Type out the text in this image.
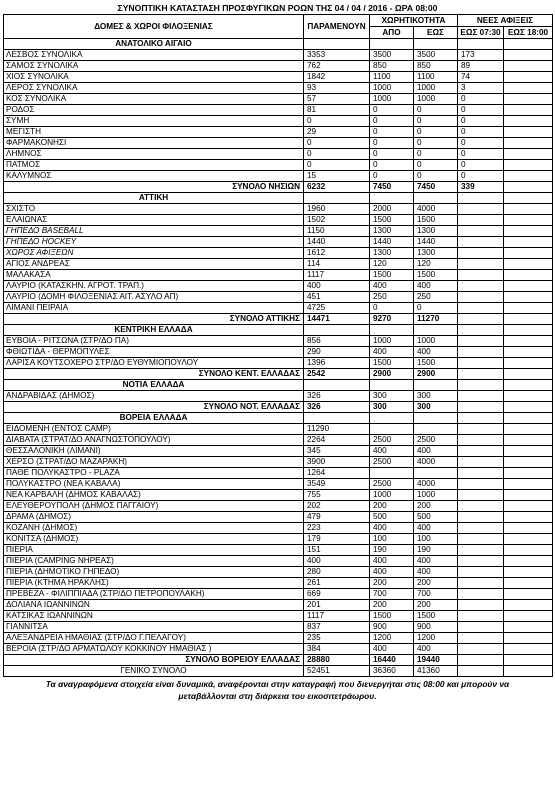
ΣΥΝΟΠΤΙΚΗ ΚΑΤΑΣΤΑΣΗ ΠΡΟΣΦΥΓΙΚΩΝ ΡΟΩΝ ΤΗΣ 04 / 04 / 2016 - ΩΡΑ 08:00
ΔΟΜΕΣ & ΧΩΡΟΙ ΦΙΛΟΞΕΝΙΑΣ	ΠΑΡΑΜΕΝΟΥΝ	ΧΩΡΗΤΙΚΟΤΗΤΑ		ΝΕΕΣ ΑΦΙΞΕΙΣ	
		ΑΠΟ	ΕΩΣ	ΕΩΣ 07:30	ΕΩΣ 18:00
ΑΝΑΤΟΛΙΚΟ ΑΙΓΑΙΟ					
ΛΕΣΒΟΣ ΣΥΝΟΛΙΚΑ	3353	3500	3500	173	
ΣΑΜΟΣ ΣΥΝΟΛΙΚΑ	762	850	850	89	
ΧΙΟΣ ΣΥΝΟΛΙΚΑ	1842	1100	1100	74	
ΛΕΡΟΣ ΣΥΝΟΛΙΚΑ	93	1000	1000	3	
ΚΟΣ ΣΥΝΟΛΙΚΑ	57	1000	1000	0	
ΡΟΔΟΣ	81	0	0	0	
ΣΥΜΗ	0	0	0	0	
ΜΕΓΙΣΤΗ	29	0	0	0	
ΦΑΡΜΑΚΟΝΗΣΙ	0	0	0	0	
ΛΗΜΝΟΣ	0	0	0	0	
ΠΑΤΜΟΣ	0	0	0	0	
ΚΑΛΥΜΝΟΣ	15	0	0	0	
ΣΥΝΟΛΟ ΝΗΣΙΩΝ	6232	7450	7450	339	
ΑΤΤΙΚΗ					
ΣΧΙΣΤΟ	1960	2000	4000		
ΕΛΑΙΩΝΑΣ	1502	1500	1500		
ΓΗΠΕΔΟ BASEBALL	1150	1300	1300		
ΓΗΠΕΔΟ HOCKEY	1440	1440	1440		
ΧΩΡΟΣ ΑΦΙΞΕΩΝ	1612	1300	1300		
ΑΓΙΟΣ ΑΝΔΡΕΑΣ	114	120	120		
ΜΑΛΑΚΑΣΑ	1117	1500	1500		
ΛΑΥΡΙΟ (ΚΑΤΑΣΚΗΝ. ΑΓΡΟΤ. ΤΡΑΠ.)	400	400	400		
ΛΑΥΡΙΟ (ΔΟΜΗ ΦΙΛΟΞΕΝΙΑΣ ΑΙΤ. ΑΣΥΛΟ ΑΠ)	451	250	250		
ΛΙΜΑΝΙ ΠΕΙΡΑΙΑ	4725	0	0		
ΣΥΝΟΛΟ ΑΤΤΙΚΗΣ	14471	9270	11270		
ΚΕΝΤΡΙΚΗ ΕΛΛΑΔΑ					
ΕΥΒΟΙΑ - ΡΙΤΣΩΝΑ (ΣΤΡ/ΔΟ ΠΑ)	856	1000	1000		
ΦΘΙΩΤΙΔΑ - ΘΕΡΜΟΠΥΛΕΣ	290	400	400		
ΛΑΡΙΣΑ ΚΟΥΤΣΟΧΕΡΟ ΣΤΡ/ΔΟ ΕΥΘΥΜΙΟΠΟΥΛΟΥ	1396	1500	1500		
ΣΥΝΟΛΟ ΚΕΝΤ. ΕΛΛΑΔΑΣ	2542	2900	2900		
ΝΟΤΙΑ ΕΛΛΑΔΑ					
ΑΝΔΡΑΒΙΔΑΣ (ΔΗΜΟΣ)	326	300	300		
ΣΥΝΟΛΟ ΝΟΤ. ΕΛΛΑΔΑΣ	326	300	300		
ΒΟΡΕΙΑ ΕΛΛΑΔΑ					
ΕΙΔΟΜΕΝΗ (ΕΝΤΟΣ CAMP)	11290				
ΔΙΑΒΑΤΑ (ΣΤΡΑΤ/ΔΟ ΑΝΑΓΝΩΣΤΟΠΟΥΛΟΥ)	2264	2500	2500		
ΘΕΣΣΑΛΟΝΙΚΗ (ΛΙΜΑΝΙ)	345	400	400		
ΧΕΡΣΟ (ΣΤΡΑΤ/ΔΟ ΜΑΖΑΡΑΚΗ)	3900	2500	4000		
ΠΑΘΕ ΠΟΛΥΚΑΣΤΡΟ - PLAZA	1264				
ΠΟΛΥΚΑΣΤΡΟ (ΝΕΑ ΚΑΒΑΛΑ)	3549	2500	4000		
ΝΕΑ ΚΑΡΒΑΛΗ (ΔΗΜΟΣ ΚΑΒΑΛΑΣ)	755	1000	1000		
ΕΛΕΥΘΕΡΟΥΠΟΛΗ (ΔΗΜΟΣ ΠΑΓΓΑΙΟΥ)	202	200	200		
ΔΡΑΜΑ (ΔΗΜΟΣ)	479	500	500		
ΚΟΖΑΝΗ (ΔΗΜΟΣ)	223	400	400		
ΚΟΝΙΤΣΑ (ΔΗΜΟΣ)	179	100	100		
ΠΙΕΡΙΑ	151	190	190		
ΠΙΕΡΙΑ (CAMPING ΝΗΡΕΑΣ)	400	400	400		
ΠΙΕΡΙΑ (ΔΗΜΟΤΙΚΟ ΓΗΠΕΔΟ)	280	400	400		
ΠΙΕΡΙΑ (ΚΤΗΜΑ ΗΡΑΚΛΗΣ)	261	200	200		
ΠΡΕΒΕΖΑ - ΦΙΛΙΠΠΙΑΔΑ (ΣΤΡ/ΔΟ ΠΕΤΡΟΠΟΥΛΑΚΗ)	669	700	700		
ΔΟΛΙΑΝΑ ΙΩΑΝΝΙΝΩΝ	201	200	200		
ΚΑΤΣΙΚΑΣ ΙΩΑΝΝΙΝΩΝ	1117	1500	1500		
ΓΙΑΝΝΙΤΣΑ	837	900	900		
ΑΛΕΞΑΝΔΡΕΙΑ ΗΜΑΘΙΑΣ (ΣΤΡ/ΔΟ Γ.ΠΕΛΑΓΟΥ)	235	1200	1200		
ΒΕΡΟΙΑ (ΣΤΡ/ΔΟ ΑΡΜΑΤΩΛΟΥ ΚΟΚΚΙΝΟΥ ΗΜΑΘΙΑΣ )	384	400	400		
ΣΥΝΟΛΟ ΒΟΡΕΙΟΥ ΕΛΛΑΔΑΣ	28880	16440	19440		
ΓΕΝΙΚΟ ΣΥΝΟΛΟ	52451	36360	41360		
Τα αναγραφόμενα στοιχεία είναι δυναμικά, αναφέρονται στην καταγραφή που διενεργήται στις 08:00 και μπορούν να
μεταβάλλονται στη διάρκεια του εικοσιτετράωρου.
